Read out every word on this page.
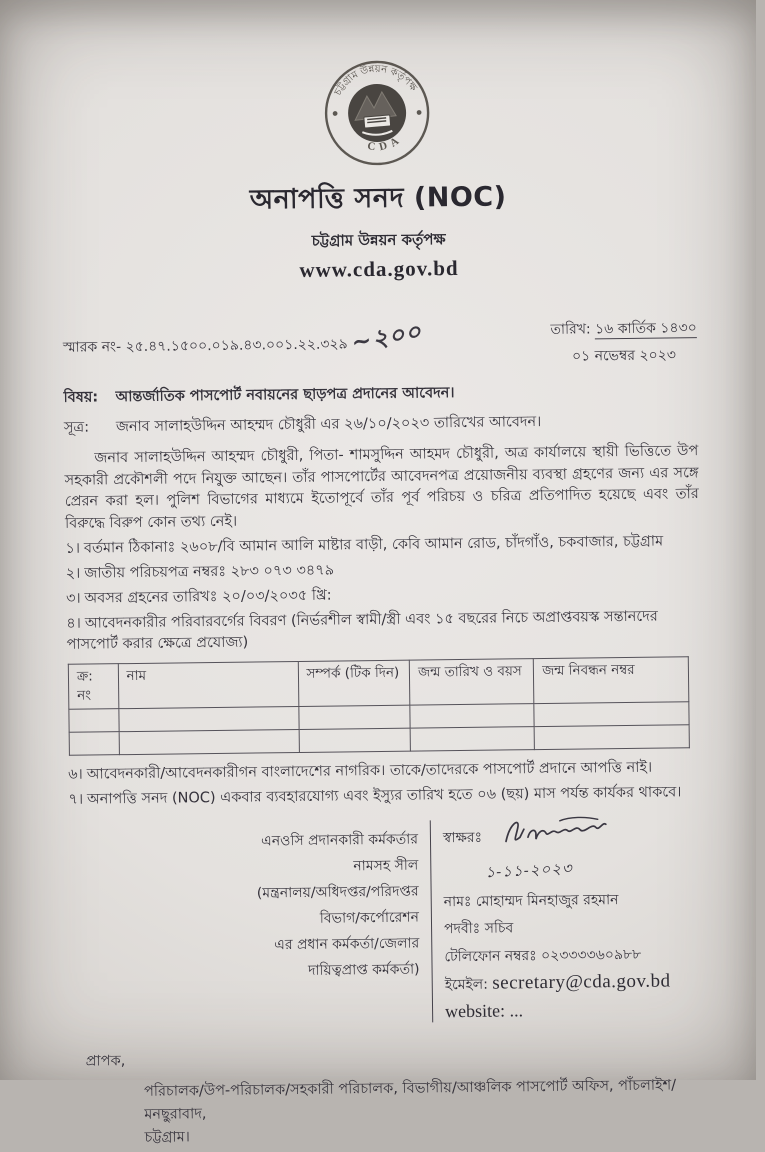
চট্টগ্রাম উন্নয়ন কর্তৃপক্ষ
CDA
অনাপত্তি সনদ (NOC)
চট্টগ্রাম উন্নয়ন কর্তৃপক্ষ
www.cda.gov.bd
স্মারক নং- ২৫.৪৭.১৫০০.০১৯.৪৩.০০১.২২.৩২৯ ~২০০	তারিখ: ১৬ কার্তিক ১৪৩০
০১ নভেম্বর ২০২৩
বিষয়:	আন্তর্জাতিক পাসপোর্ট নবায়নের ছাড়পত্র প্রদানের আবেদন।
সূত্র:	জনাব সালাহউদ্দিন আহম্মদ চৌধুরী এর ২৬/১০/২০২৩ তারিখের আবেদন।

জনাব সালাহউদ্দিন আহম্মদ চৌধুরী, পিতা- শামসুদ্দিন আহমদ চৌধুরী, অত্র কার্যালয়ে স্থায়ী ভিত্তিতে উপ সহকারী প্রকৌশলী পদে নিযুক্ত আছেন। তাঁর পাসপোর্টের আবেদনপত্র প্রয়োজনীয় ব্যবস্থা গ্রহণের জন্য এর সঙ্গে প্রেরন করা হল। পুলিশ বিভাগের মাধ্যমে ইতোপূর্বে তাঁর পূর্ব পরিচয় ও চরিত্র প্রতিপাদিত হয়েছে এবং তাঁর বিরুদ্ধে বিরুপ কোন তথ্য নেই।

১। বর্তমান ঠিকানাঃ ২৬০৮/বি আমান আলি মাষ্টার বাড়ী, কেবি আমান রোড, চাঁদগাঁও, চকবাজার, চট্টগ্রাম
২। জাতীয় পরিচয়পত্র নম্বরঃ ২৮৩ ০৭৩ ৩৪৭৯
৩। অবসর গ্রহনের তারিখঃ ২০/০৩/২০৩৫ খ্রি:
৪। আবেদনকারীর পরিবারবর্গের বিবরণ (নির্ভরশীল স্বামী/স্ত্রী এবং ১৫ বছরের নিচে অপ্রাপ্তবয়স্ক সন্তানদের পাসপোর্ট করার ক্ষেত্রে প্রযোজ্য)
ক্র: নং	নাম	সম্পর্ক (টিক দিন)	জন্ম তারিখ ও বয়স	জন্ম নিবন্ধন নম্বর

৬। আবেদনকারী/আবেদনকারীগন বাংলাদেশের নাগরিক। তাকে/তাদেরকে পাসপোর্ট প্রদানে আপত্তি নাই।
৭। অনাপত্তি সনদ (NOC) একবার ব্যবহারযোগ্য এবং ইস্যুর তারিখ হতে ০৬ (ছয়) মাস পর্যন্ত কার্যকর থাকবে।
এনওসি প্রদানকারী কর্মকর্তার
নামসহ সীল
(মন্ত্রনালয়/অধিদপ্তর/পরিদপ্তর
বিভাগ/কর্পোরেশন
এর প্রধান কর্মকর্তা/জেলার
দায়িত্বপ্রাপ্ত কর্মকর্তা)
স্বাক্ষরঃ
১-১১-২০২৩
নামঃ মোহাম্মদ মিনহাজুর রহমান
পদবীঃ সচিব
টেলিফোন নম্বরঃ ০২৩৩৩৩৬০৯৮৮
ইমেইল: secretary@cda.gov.bd
website: ...
প্রাপক,
পরিচালক/উপ-পরিচালক/সহকারী পরিচালক, বিভাগীয়/আঞ্চলিক পাসপোর্ট অফিস, পাঁচলাইশ/মনছুরাবাদ,
চট্টগ্রাম।
